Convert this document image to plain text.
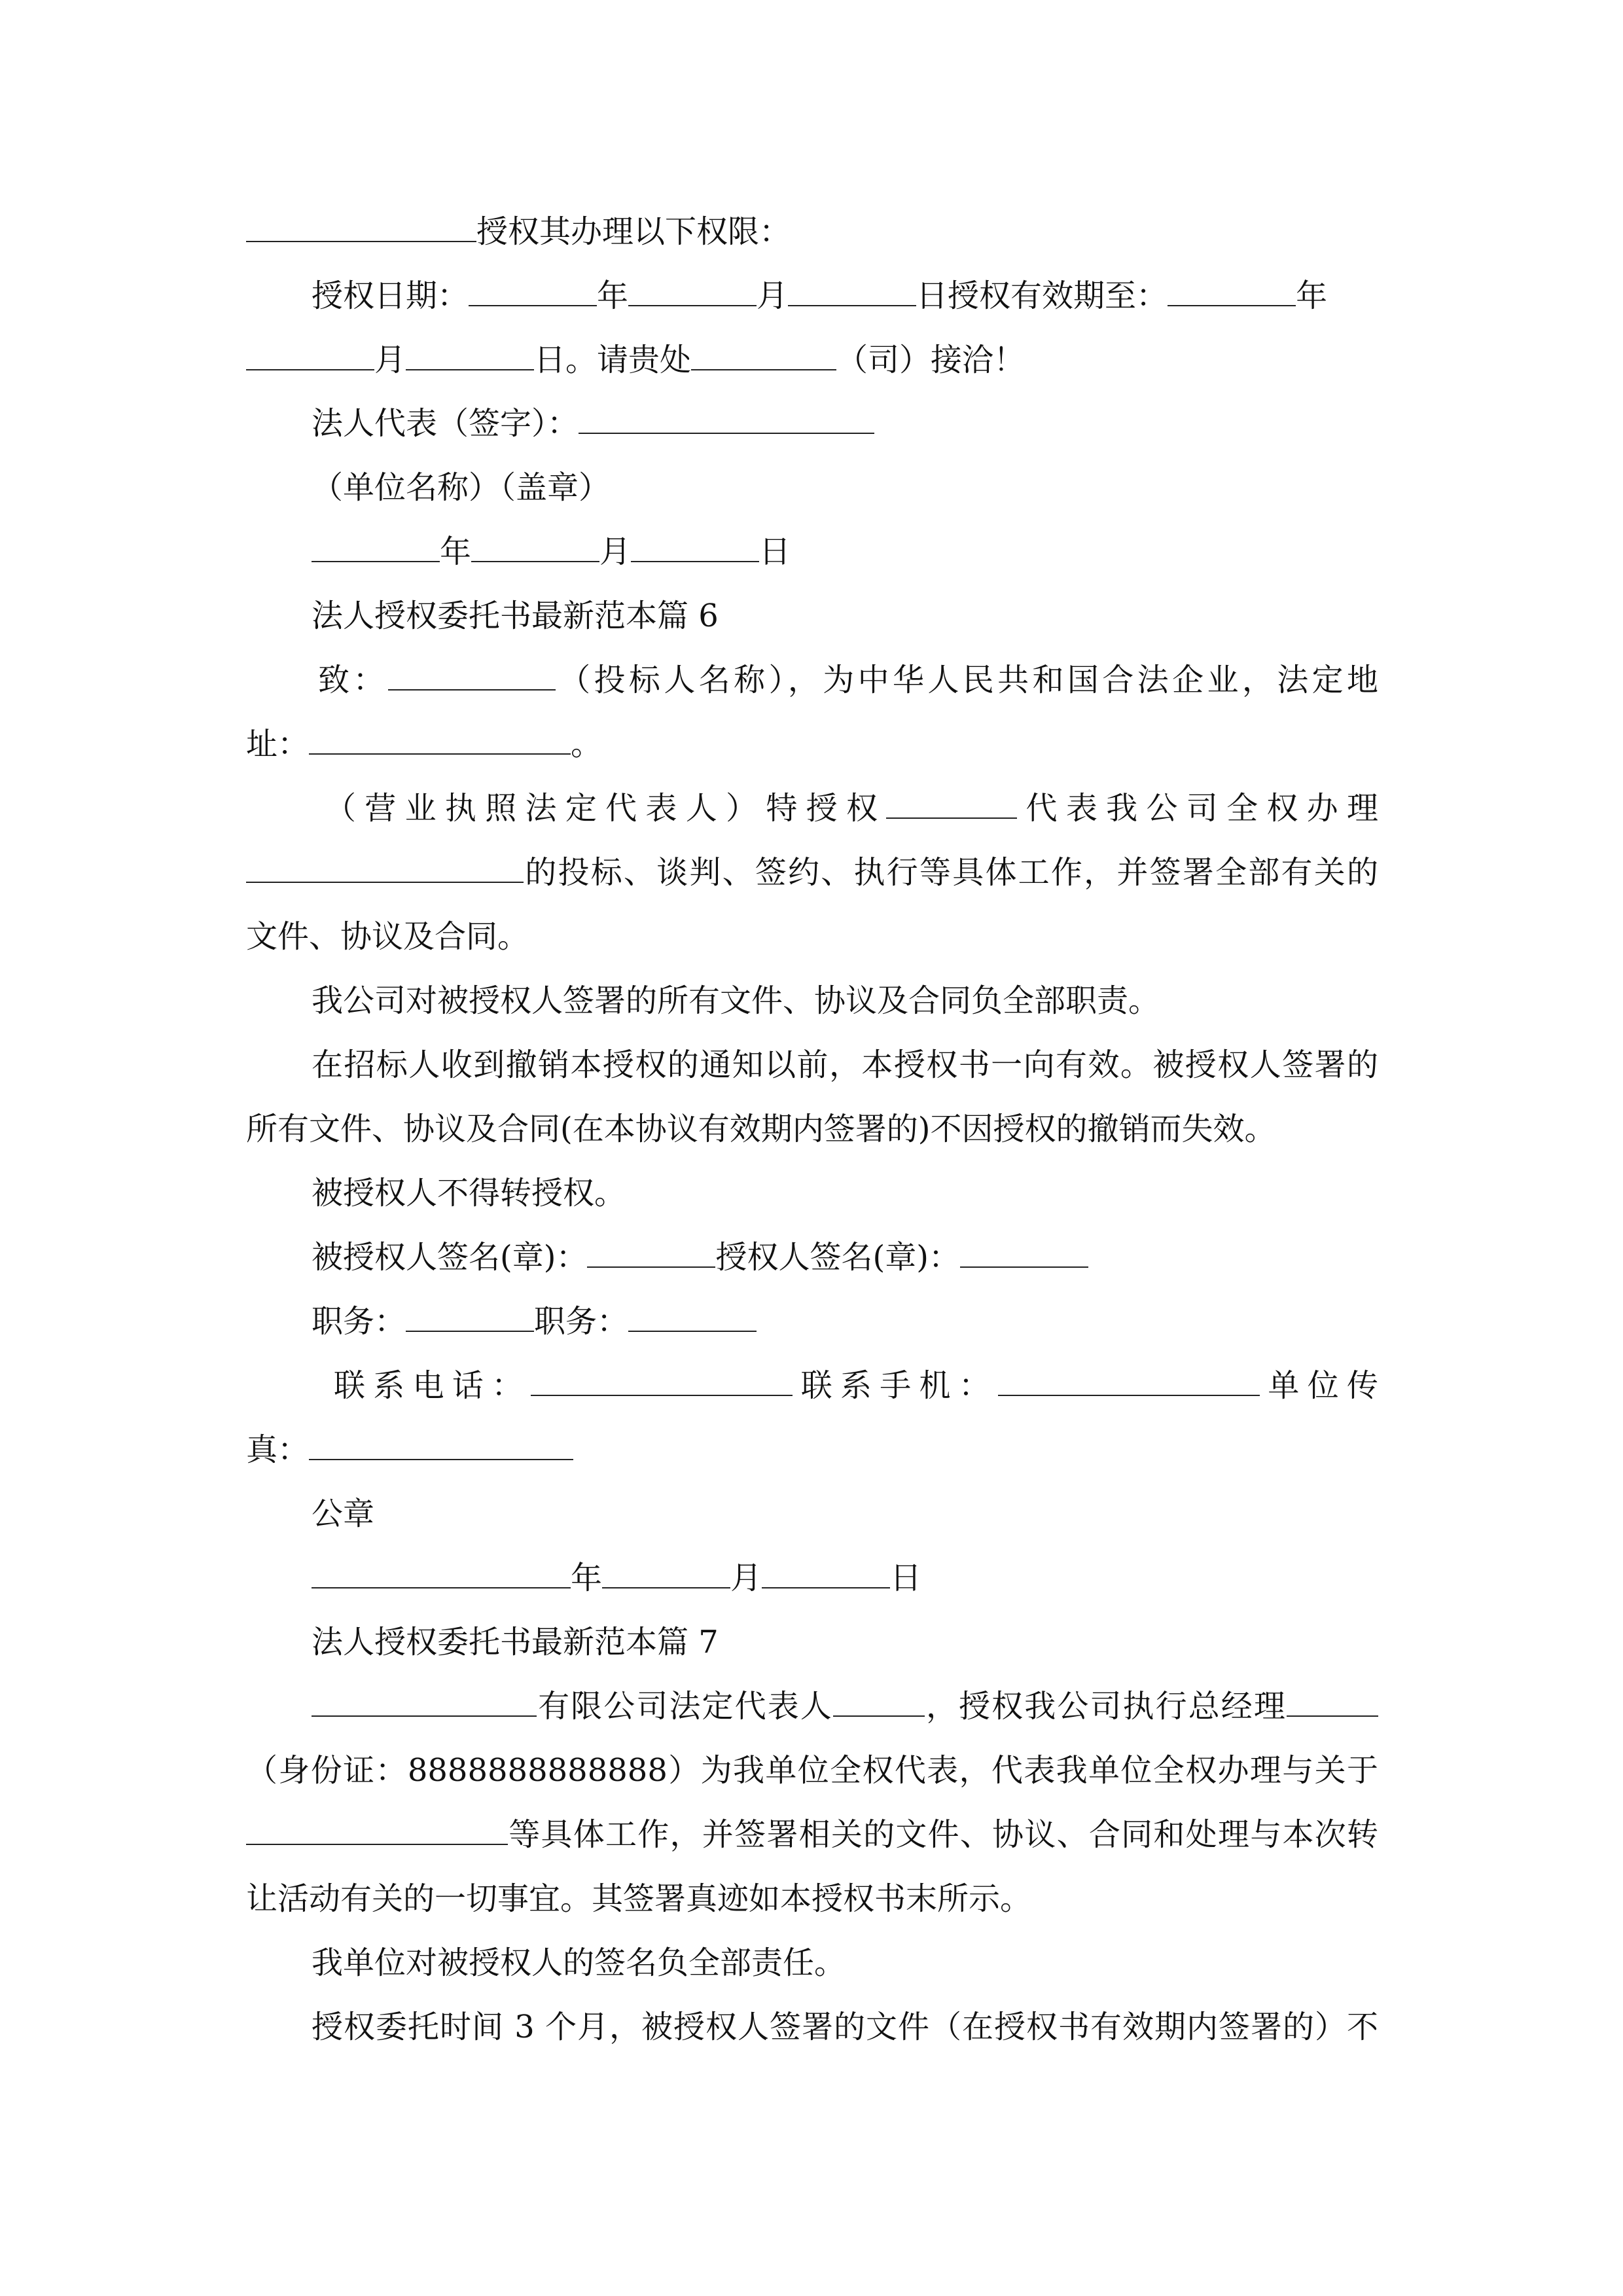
授权其办理以下权限：
授权日期：	年	月	日授权有效期至：	年
月	日。请贵处	（司）接洽！
法人代表（签字）：
（单位名称）（盖章）
年	月	日
法人授权委托书最新范本篇 6
致：	（投标人名称），为中华人民共和国合法企业，法定地
址：	。
（营业执照法定代表人）特授权	代表我公司全权办理
的投标、谈判、签约、执行等具体工作，并签署全部有关的
文件、协议及合同。
我公司对被授权人签署的所有文件、协议及合同负全部职责。
在招标人收到撤销本授权的通知以前，本授权书一向有效。被授权人签署的
所有文件、协议及合同(在本协议有效期内签署的)不因授权的撤销而失效。
被授权人不得转授权。
被授权人签名(章)：	授权人签名(章)：
职务：	职务：
联系电话：	联系手机：	单位传
真：
公章
年	月	日
法人授权委托书最新范本篇 7
有限公司法定代表人	，授权我公司执行总经理
（身份证：8888888888888）为我单位全权代表，代表我单位全权办理与关于
等具体工作，并签署相关的文件、协议、合同和处理与本次转
让活动有关的一切事宜。其签署真迹如本授权书末所示。
我单位对被授权人的签名负全部责任。
授权委托时间 3 个月，被授权人签署的文件（在授权书有效期内签署的）不
